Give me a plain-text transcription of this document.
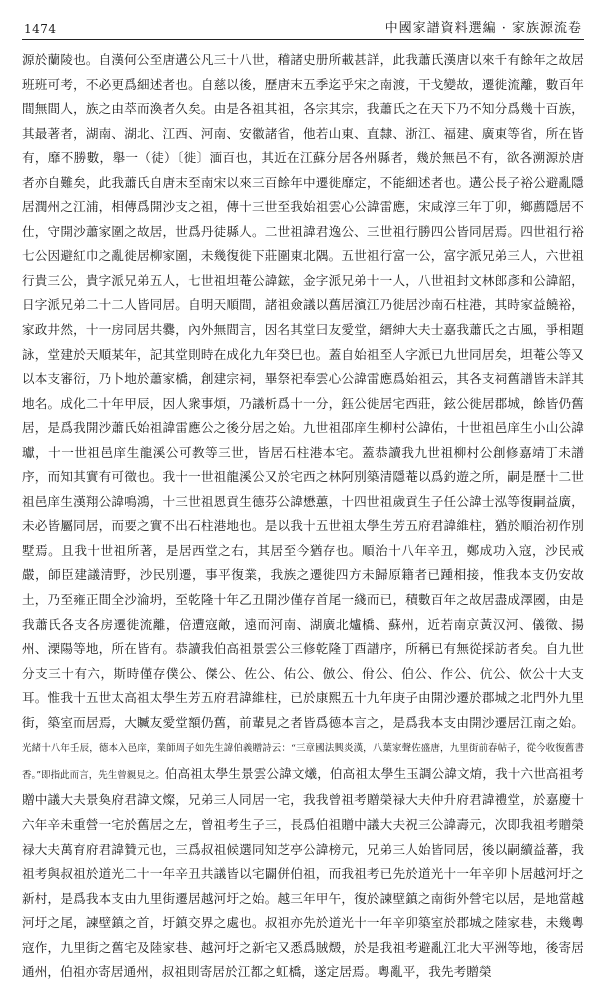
1474	中國家譜資料選編 · 家族源流卷
源於蘭陵也。自漢何公至唐遘公凡三十八世，稽諸史册所載甚詳，此我蕭氏漢唐以來千有餘年之故居班班可考，不必更爲細述者也。自慈以後，歷唐末五季迄乎宋之南渡，干戈變故，遷徙流離，數百年間無間人，族之由萃而渙者久矣。由是各祖其祖，各宗其宗，我蕭氏之在天下乃不知分爲幾十百族，其最著者，湖南、湖北、江西、河南、安徽諸省，他若山東、直隸、浙江、福建、廣東等省，所在皆有，靡不勝數，舉一（徒）〔徙〕湎百也，其近在江蘇分居各州縣者，幾於無邑不有，欲各溯源於唐者亦自難矣，此我蕭氏自唐末至南宋以來三百餘年中遷徙靡定，不能細述者也。遘公長子裕公避亂隱居潤州之江浦，相傳爲開沙支之祖，傳十三世至我始祖雲心公諱雷應，宋咸淳三年丁卯，鄉薦隱居不仕，守開沙蕭家圍之故居，世爲丹徒縣人。二世祖諱君逸公、三世祖行勝四公皆同居焉。四世祖行裕七公因避紅巾之亂徙居柳家圍，未幾復徙下莊圍東北隅。五世祖行富一公，富字派兄弟三人，六世祖行貴三公，貴字派兄弟五人，七世祖坦菴公諱鋐，金字派兄弟十一人，八世祖封文林郎彥和公諱韶，日字派兄弟二十二人皆同居。自明天順間，諸祖僉議以舊居濱江乃徙居沙南石柱港，其時家益饒裕，家政井然，十一房同居共爨，內外無間言，因名其堂曰友愛堂，縉紳大夫士嘉我蕭氏之古風，爭相題詠，堂建於天順某年，記其堂則時在成化九年癸巳也。蓋自始祖至人字派已九世同居矣，坦菴公等又以本支審衍，乃卜地於蕭家橋，創建宗祠，畢祭祀奉雲心公諱雷應爲始祖云，其各支祠舊譜皆未詳其地名。成化二十年甲辰，因人衆事煩，乃議析爲十一分，鈺公徙居宅西莊，鉉公徙居郡城，餘皆仍舊居，是爲我開沙蕭氏始祖諱雷應公之後分居之始。九世祖邵庠生柳村公諱佑，十世祖邑庠生小山公諱瓛，十一世祖邑庠生龍溪公可教等三世，皆居石柱港本宅。蓋恭讀我九世祖柳村公創修嘉靖丁未譜序，而知其實有可徵也。我十一世祖龍溪公又於宅西之林阿別築清隱菴以爲釣遊之所，嗣是歷十二世祖邑庠生漢翔公諱鳴鴻，十三世祖恩貢生德芬公諱懋蕙，十四世祖歲貢生子任公諱士泓等復嗣益廣，未必皆屬同居，而要之實不出石柱港地也。是以我十五世祖太學生芳五府君諱維柱，猶於順治初作別墅焉。且我十世祖所著，是居西堂之右，其居至今猶存也。順治十八年辛丑，鄭成功入寇，沙民戒嚴，師臣建議清野，沙民別遷，事平復業，我族之遷徙四方未歸原籍者已踵相接，惟我本支仍安故土，乃至雍正間全沙淪坍，至乾隆十年乙丑開沙僅存首尾一綫而已，積數百年之故居盡成澤國，由是我蕭氏各支各房遷徙流離，倍遭寇敵，遠而河南、湖廣北爐橋、蘇州，近若南京黃汉河、儀徵、揚州、溧陽等地，所在皆有。恭讀我伯高祖景雲公三修乾隆丁酉譜序，所稱已有無從採訪者矣。自九世分支三十有六，斯時僅存僕公、傑公、佐公、佑公、倣公、佾公、伯公、作公、伉公、佽公十大支耳。惟我十五世太高祖太學生芳五府君諱維柱，已於康熙五十九年庚子由開沙遷於郡城之北門外九里街，築室而居焉，大贓友愛堂額仍舊，前輩見之者皆爲德本言之，是爲我本支由開沙遷居江南之始。光緒十八年壬辰，德本入邑庠，業師周子如先生諱伯義贈詩云：“三章國法興炎漢，八葉家聲佐盛唐，九里街前春帖子，從今收復舊書香。”即指此而言，先生曾親見之。伯高祖太學生景雲公諱文爔，伯高祖太學生玉調公諱文焴，我十六世高祖考贈中議大夫景奐府君諱文燦，兄弟三人同居一宅，我我曾祖考贈榮禄大夫仲升府君諱禮堂，於嘉慶十六年辛未重營一宅於舊居之左，曾祖考生子三，長爲伯祖贈中議大夫祝三公諱壽元，次即我祖考贈榮禄大夫萬育府君諱贊元也，三爲叔祖候選同知芝亭公諱榜元，兄弟三人始皆同居，後以嗣續益蕃，我祖考與叔祖於道光二十一年辛丑共議皆以宅闢併伯祖，而我祖考已先於道光十一年辛卯卜居越河圩之新村，是爲我本支由九里街遷居越河圩之始。越三年甲午，復於諫壁鎮之南街外營宅以居，是地當越河圩之尾，諫壁鎮之首，圩鎮交界之處也。叔祖亦先於道光十一年辛卯築室於郡城之陸家巷，未幾粵寇作，九里街之舊宅及陸家巷、越河圩之新宅又悉爲賊燬，於是我祖考避亂江北大平洲等地，後寄居通州，伯祖亦寄居通州，叔祖則寄居於江都之虹橋，遂定居焉。粵亂平，我先考贈榮
